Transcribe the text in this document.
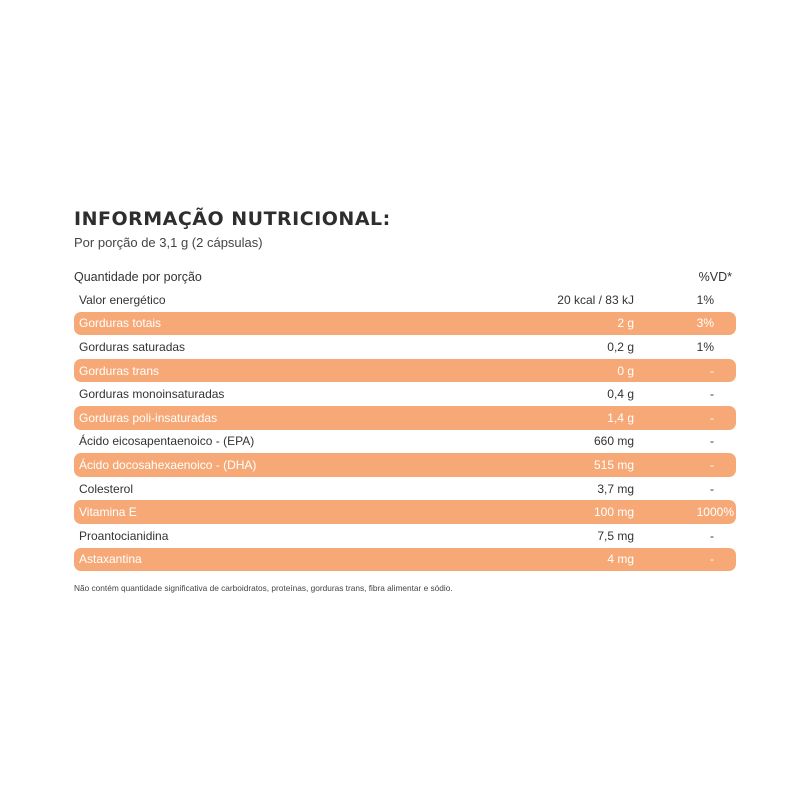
INFORMAÇÃO NUTRICIONAL:
Por porção de 3,1 g (2 cápsulas)
Quantidade por porção	%VD*
Valor energético	20 kcal / 83 kJ	1%
Gorduras totais	2 g	3%
Gorduras saturadas	0,2 g	1%
Gorduras trans	0 g	-
Gorduras monoinsaturadas	0,4 g	-
Gorduras poli-insaturadas	1,4 g	-
Ácido eicosapentaenoico - (EPA)	660 mg	-
Ácido docosahexaenoico - (DHA)	515 mg	-
Colesterol	3,7 mg	-
Vitamina E	100 mg	1000%
Proantocianidina	7,5 mg	-
Astaxantina	4 mg	-
Não contém quantidade significativa de carboidratos, proteínas, gorduras trans, fibra alimentar e sódio.
